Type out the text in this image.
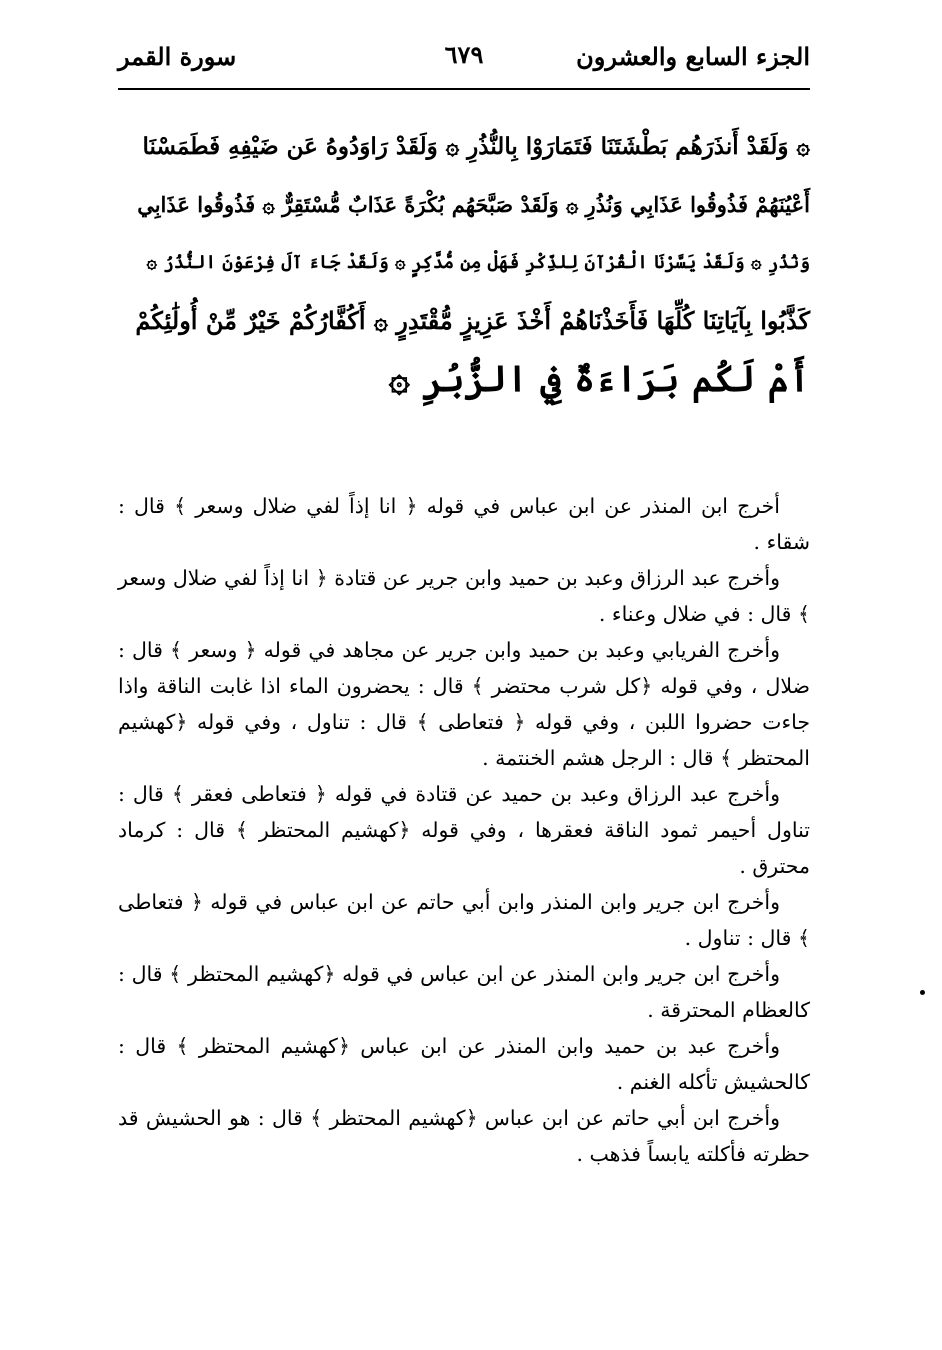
الجزء السابع والعشرون
٦٧٩
سورة القمر
۞ وَلَقَدْ أَنذَرَهُم بَطْشَتَنَا فَتَمَارَوْا بِالنُّذُرِ ۞ وَلَقَدْ رَاوَدُوهُ عَن ضَيْفِهِ فَطَمَسْنَا
أَعْيُنَهُمْ فَذُوقُوا عَذَابِي وَنُذُرِ ۞ وَلَقَدْ صَبَّحَهُم بُكْرَةً عَذَابٌ مُّسْتَقِرٌّ ۞ فَذُوقُوا عَذَابِي
وَنُذُرِ ۞ وَلَقَدْ يَسَّرْنَا الْقُرْآنَ لِلذِّكْرِ فَهَلْ مِن مُّدَّكِرٍ ۞ وَلَقَدْ جَاءَ آلَ فِرْعَوْنَ النُّذُرُ ۞
كَذَّبُوا بِآيَاتِنَا كُلِّهَا فَأَخَذْنَاهُمْ أَخْذَ عَزِيزٍ مُّقْتَدِرٍ ۞ أَكُفَّارُكُمْ خَيْرٌ مِّنْ أُولَٰئِكُمْ
أَمْ لَكُم بَرَاءَةٌ فِي الزُّبُرِ ۞

أخرج ابن المنذر عن ابن عباس في قوله ﴿ انا إذاً لفي ضلال وسعر ﴾ قال : شقاء .

وأخرج عبد الرزاق وعبد بن حميد وابن جرير عن قتادة ﴿ انا إذاً لفي ضلال وسعر ﴾ قال : في ضلال وعناء .

وأخرج الفريابي وعبد بن حميد وابن جرير عن مجاهد في قوله ﴿ وسعر ﴾ قال : ضلال ، وفي قوله ﴿كل شرب محتضر ﴾ قال : يحضرون الماء اذا غابت الناقة واذا جاءت حضروا اللبن ، وفي قوله ﴿ فتعاطى ﴾ قال : تناول ، وفي قوله ﴿كهشيم المحتظر ﴾ قال : الرجل هشم الخنتمة .

وأخرج عبد الرزاق وعبد بن حميد عن قتادة في قوله ﴿ فتعاطى فعقر ﴾ قال : تناول أحيمر ثمود الناقة فعقرها ، وفي قوله ﴿كهشيم المحتظر ﴾ قال : كرماد محترق .

وأخرج ابن جرير وابن المنذر وابن أبي حاتم عن ابن عباس في قوله ﴿ فتعاطى ﴾ قال : تناول .

وأخرج ابن جرير وابن المنذر عن ابن عباس في قوله ﴿كهشيم المحتظر ﴾ قال : كالعظام المحترقة .

وأخرج عبد بن حميد وابن المنذر عن ابن عباس ﴿كهشيم المحتظر ﴾ قال : كالحشيش تأكله الغنم .

وأخرج ابن أبي حاتم عن ابن عباس ﴿كهشيم المحتظر ﴾ قال : هو الحشيش قد حظرته فأكلته يابساً فذهب .
